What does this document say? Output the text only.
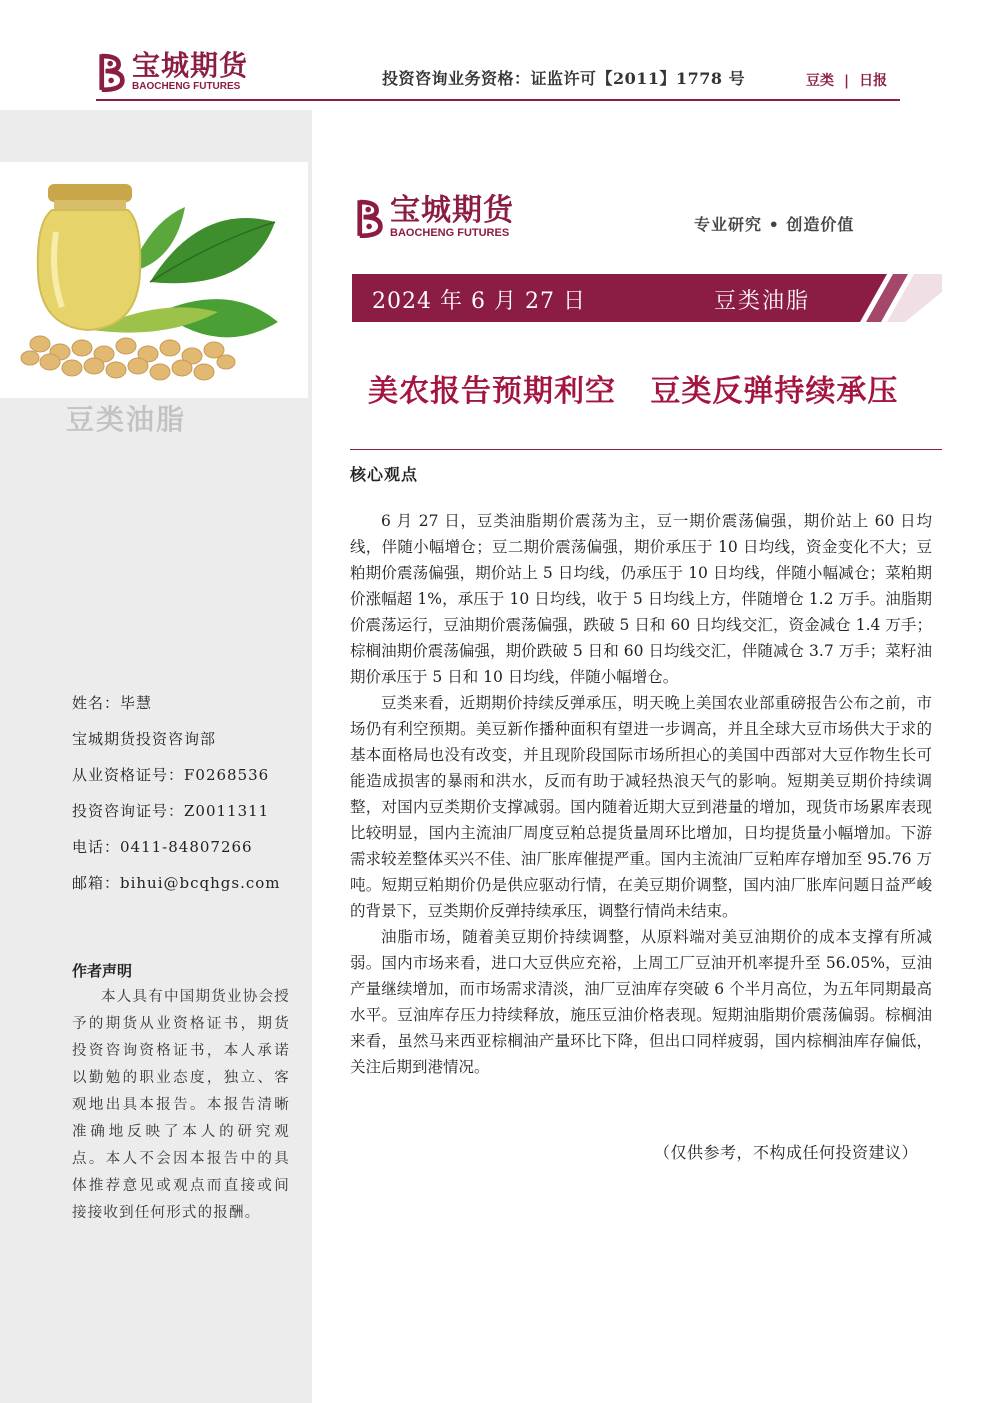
宝城期货
BAOCHENG FUTURES	投资咨询业务资格：证监许可【2011】1778 号	豆类 | 日报
豆类油脂
姓名：毕慧
宝城期货投资咨询部
从业资格证号：F0268536
投资咨询证号：Z0011311
电话：0411-84807266
邮箱：bihui@bcqhgs.com
作者声明
本人具有中国期货业协会授予的期货从业资格证书，期货投资咨询资格证书，本人承诺以勤勉的职业态度，独立、客观地出具本报告。本报告清晰准确地反映了本人的研究观点。本人不会因本报告中的具体推荐意见或观点而直接或间接接收到任何形式的报酬。
宝城期货
BAOCHENG FUTURES	专业研究 • 创造价值
2024 年 6 月 27 日	豆类油脂
美农报告预期利空   豆类反弹持续承压
核心观点

6 月 27 日，豆类油脂期价震荡为主，豆一期价震荡偏强，期价站上 60 日均线，伴随小幅增仓；豆二期价震荡偏强，期价承压于 10 日均线，资金变化不大；豆粕期价震荡偏强，期价站上 5 日均线，仍承压于 10 日均线，伴随小幅减仓；菜粕期价涨幅超 1%，承压于 10 日均线，收于 5 日均线上方，伴随增仓 1.2 万手。油脂期价震荡运行，豆油期价震荡偏强，跌破 5 日和 60 日均线交汇，资金减仓 1.4 万手；棕榈油期价震荡偏强，期价跌破 5 日和 60 日均线交汇，伴随减仓 3.7 万手；菜籽油期价承压于 5 日和 10 日均线，伴随小幅增仓。

豆类来看，近期期价持续反弹承压，明天晚上美国农业部重磅报告公布之前，市场仍有利空预期。美豆新作播种面积有望进一步调高，并且全球大豆市场供大于求的基本面格局也没有改变，并且现阶段国际市场所担心的美国中西部对大豆作物生长可能造成损害的暴雨和洪水，反而有助于减轻热浪天气的影响。短期美豆期价持续调整，对国内豆类期价支撑减弱。国内随着近期大豆到港量的增加，现货市场累库表现比较明显，国内主流油厂周度豆粕总提货量周环比增加，日均提货量小幅增加。下游需求较差整体买兴不佳、油厂胀库催提严重。国内主流油厂豆粕库存增加至 95.76 万吨。短期豆粕期价仍是供应驱动行情，在美豆期价调整，国内油厂胀库问题日益严峻的背景下，豆类期价反弹持续承压，调整行情尚未结束。

油脂市场，随着美豆期价持续调整，从原料端对美豆油期价的成本支撑有所减弱。国内市场来看，进口大豆供应充裕，上周工厂豆油开机率提升至 56.05%，豆油产量继续增加，而市场需求清淡，油厂豆油库存突破 6 个半月高位，为五年同期最高水平。豆油库存压力持续释放，施压豆油价格表现。短期油脂期价震荡偏弱。棕榈油来看，虽然马来西亚棕榈油产量环比下降，但出口同样疲弱，国内棕榈油库存偏低，关注后期到港情况。

（仅供参考，不构成任何投资建议）
